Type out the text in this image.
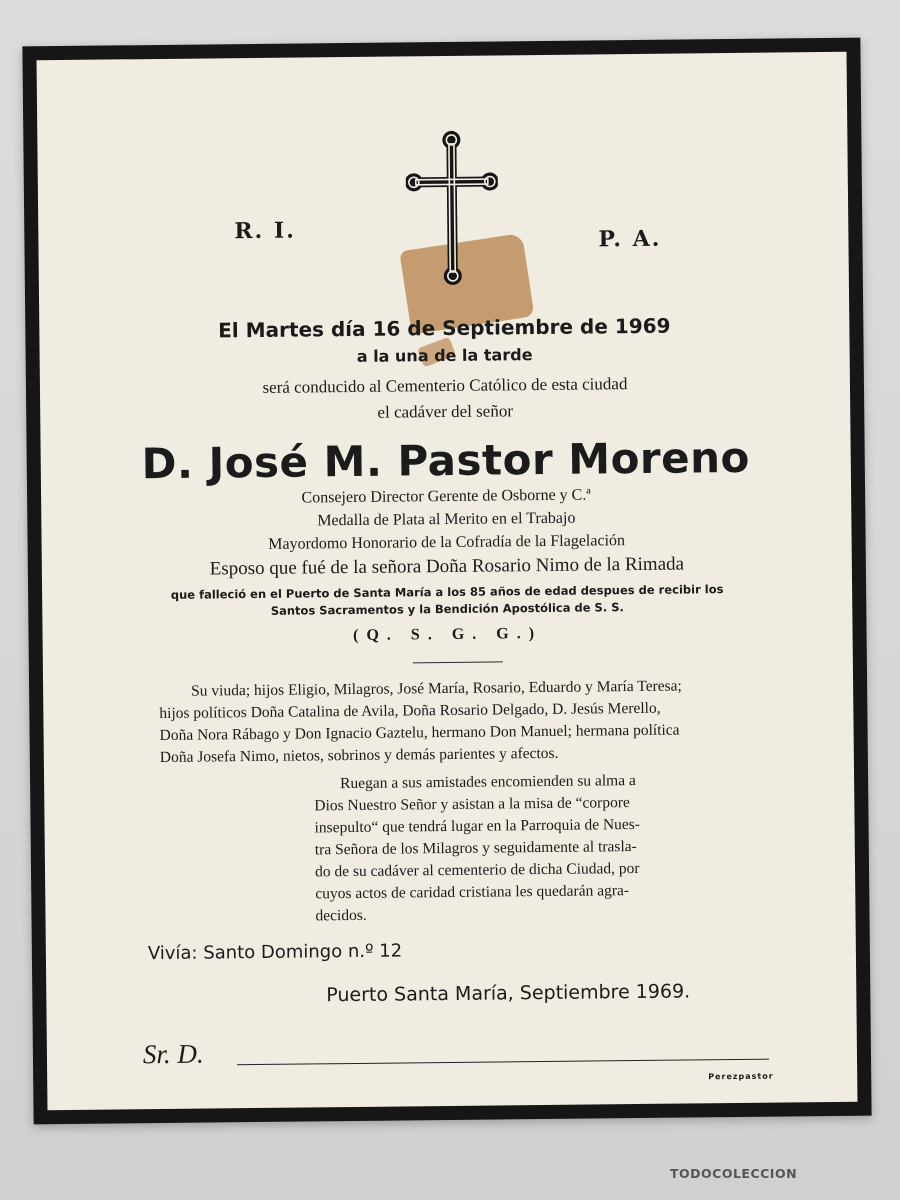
R. I.	P. A.
El Martes día 16 de Septiembre de 1969
a la una de la tarde
será conducido al Cementerio Católico de esta ciudad
el cadáver del señor
D. José M. Pastor Moreno
Consejero Director Gerente de Osborne y C.ª
Medalla de Plata al Merito en el Trabajo
Mayordomo Honorario de la Cofradía de la Flagelación
Esposo que fué de la señora Doña Rosario Nimo de la Rimada
que falleció en el Puerto de Santa María a los 85 años de edad despues de recibir los
Santos Sacramentos y la Bendición Apostólica de S. S.
(Q. S. G. G.)
Su viuda; hijos Eligio, Milagros, José María, Rosario, Eduardo y María Teresa;
hijos políticos Doña Catalina de Avila, Doña Rosario Delgado, D. Jesús Merello,
Doña Nora Rábago y Don Ignacio Gaztelu, hermano Don Manuel; hermana política
Doña Josefa Nimo, nietos, sobrinos y demás parientes y afectos.
Ruegan a sus amistades encomienden su alma a
Dios Nuestro Señor y asistan a la misa de “corpore
insepulto“ que tendrá lugar en la Parroquia de Nues-
tra Señora de los Milagros y seguidamente al trasla-
do de su cadáver al cementerio de dicha Ciudad, por
cuyos actos de caridad cristiana les quedarán agra-
decidos.
Vivía: Santo Domingo n.º 12
Puerto Santa María, Septiembre 1969.
Sr. D.
Perezpastor
TODOCOLECCION
